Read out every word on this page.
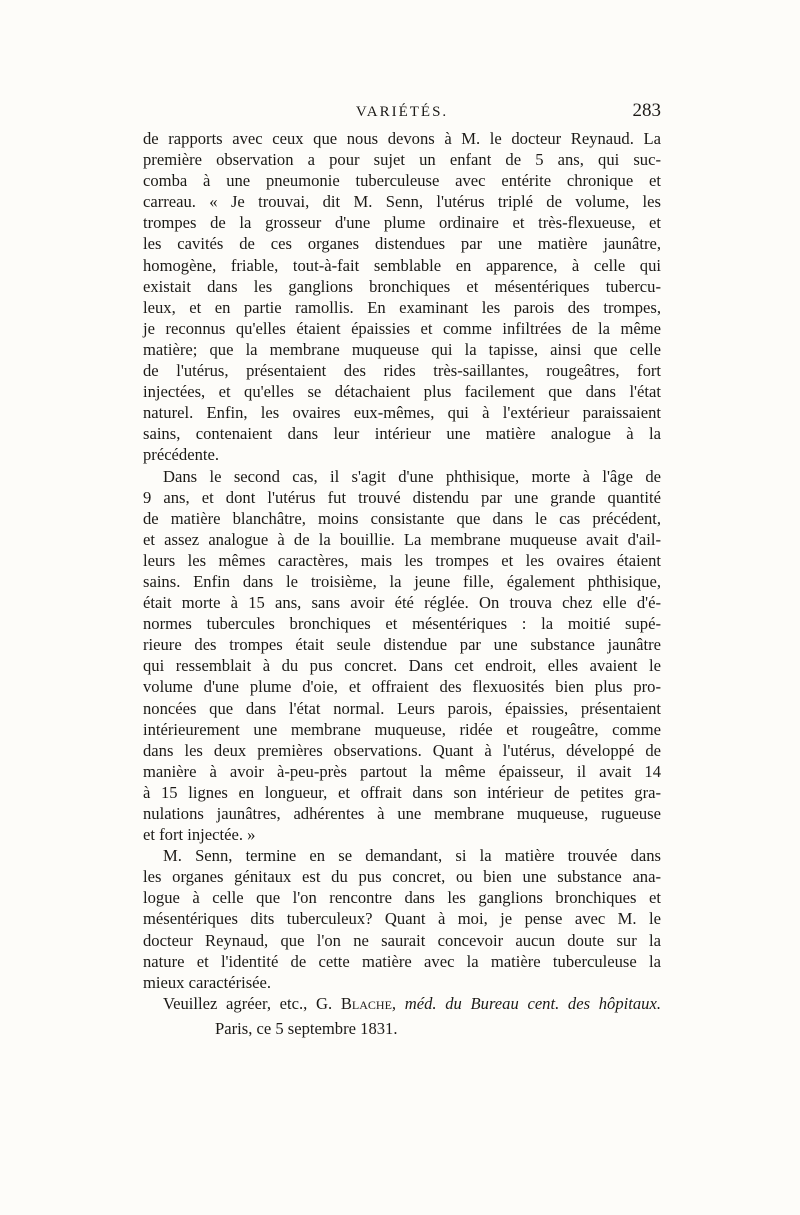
VARIÉTÉS.	283
de rapports avec ceux que nous devons à M. le docteur Reynaud. La
première observation a pour sujet un enfant de 5 ans, qui suc-
comba à une pneumonie tuberculeuse avec entérite chronique et
carreau. « Je trouvai, dit M. Senn, l'utérus triplé de volume, les
trompes de la grosseur d'une plume ordinaire et très-flexueuse, et
les cavités de ces organes distendues par une matière jaunâtre,
homogène, friable, tout-à-fait semblable en apparence, à celle qui
existait dans les ganglions bronchiques et mésentériques tubercu-
leux, et en partie ramollis. En examinant les parois des trompes,
je reconnus qu'elles étaient épaissies et comme infiltrées de la même
matière; que la membrane muqueuse qui la tapisse, ainsi que celle
de l'utérus, présentaient des rides très-saillantes, rougeâtres, fort
injectées, et qu'elles se détachaient plus facilement que dans l'état
naturel. Enfin, les ovaires eux-mêmes, qui à l'extérieur paraissaient
sains, contenaient dans leur intérieur une matière analogue à la
précédente.
Dans le second cas, il s'agit d'une phthisique, morte à l'âge de
9 ans, et dont l'utérus fut trouvé distendu par une grande quantité
de matière blanchâtre, moins consistante que dans le cas précédent,
et assez analogue à de la bouillie. La membrane muqueuse avait d'ail-
leurs les mêmes caractères, mais les trompes et les ovaires étaient
sains. Enfin dans le troisième, la jeune fille, également phthisique,
était morte à 15 ans, sans avoir été réglée. On trouva chez elle d'é-
normes tubercules bronchiques et mésentériques : la moitié supé-
rieure des trompes était seule distendue par une substance jaunâtre
qui ressemblait à du pus concret. Dans cet endroit, elles avaient le
volume d'une plume d'oie, et offraient des flexuosités bien plus pro-
noncées que dans l'état normal. Leurs parois, épaissies, présentaient
intérieurement une membrane muqueuse, ridée et rougeâtre, comme
dans les deux premières observations. Quant à l'utérus, développé de
manière à avoir à-peu-près partout la même épaisseur, il avait 14
à 15 lignes en longueur, et offrait dans son intérieur de petites gra-
nulations jaunâtres, adhérentes à une membrane muqueuse, rugueuse
et fort injectée. »
M. Senn, termine en se demandant, si la matière trouvée dans
les organes génitaux est du pus concret, ou bien une substance ana-
logue à celle que l'on rencontre dans les ganglions bronchiques et
mésentériques dits tuberculeux? Quant à moi, je pense avec M. le
docteur Reynaud, que l'on ne saurait concevoir aucun doute sur la
nature et l'identité de cette matière avec la matière tuberculeuse la
mieux caractérisée.
Veuillez agréer, etc., G. Blache, méd. du Bureau cent. des hôpitaux.
Paris, ce 5 septembre 1831.
